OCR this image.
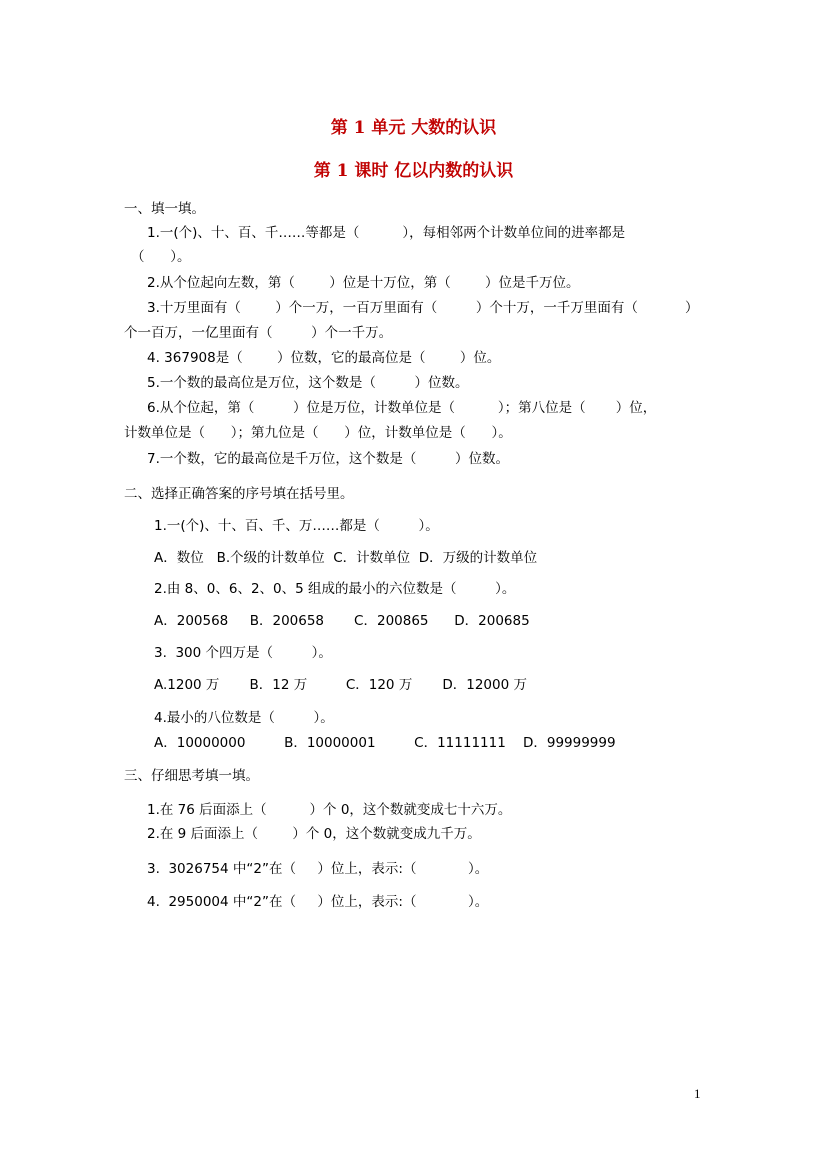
第 1 单元 大数的认识
第 1 课时 亿以内数的认识
一、填一填。
1.一(个)、十、百、千……等都是（          ），每相邻两个计数单位间的进率都是
（      ）。
2.从个位起向左数，第（        ）位是十万位，第（        ）位是千万位。
3.十万里面有（        ）个一万，一百万里面有（         ）个十万，一千万里面有（           ）
个一百万，一亿里面有（         ）个一千万。
4. 367908是（        ）位数，它的最高位是（        ）位。
5.一个数的最高位是万位，这个数是（         ）位数。
6.从个位起，第（         ）位是万位，计数单位是（          ）；第八位是（       ）位，
计数单位是（      ）；第九位是（      ）位，计数单位是（      ）。
7.一个数，它的最高位是千万位，这个数是（         ）位数。
二、选择正确答案的序号填在括号里。
1.一(个)、十、百、千、万……都是（         ）。
A．数位   B.个级的计数单位  C．计数单位  D．万级的计数单位
2.由 8、0、6、2、0、5 组成的最小的六位数是（         ）。
A．200568     B．200658       C．200865      D．200685
3.  300 个四万是（         ）。
A.1200 万       B．12 万         C．120 万       D．12000 万
4.最小的八位数是（         ）。
A．10000000         B．10000001         C．11111111    D．99999999
三、仔细思考填一填。
1.在 76 后面添上（          ）个 0，这个数就变成七十六万。
2.在 9 后面添上（        ）个 0，这个数就变成九千万。
3.  3026754 中“2”在（     ）位上，表示:（            ）。
4.  2950004 中“2”在（     ）位上，表示:（            ）。
1
